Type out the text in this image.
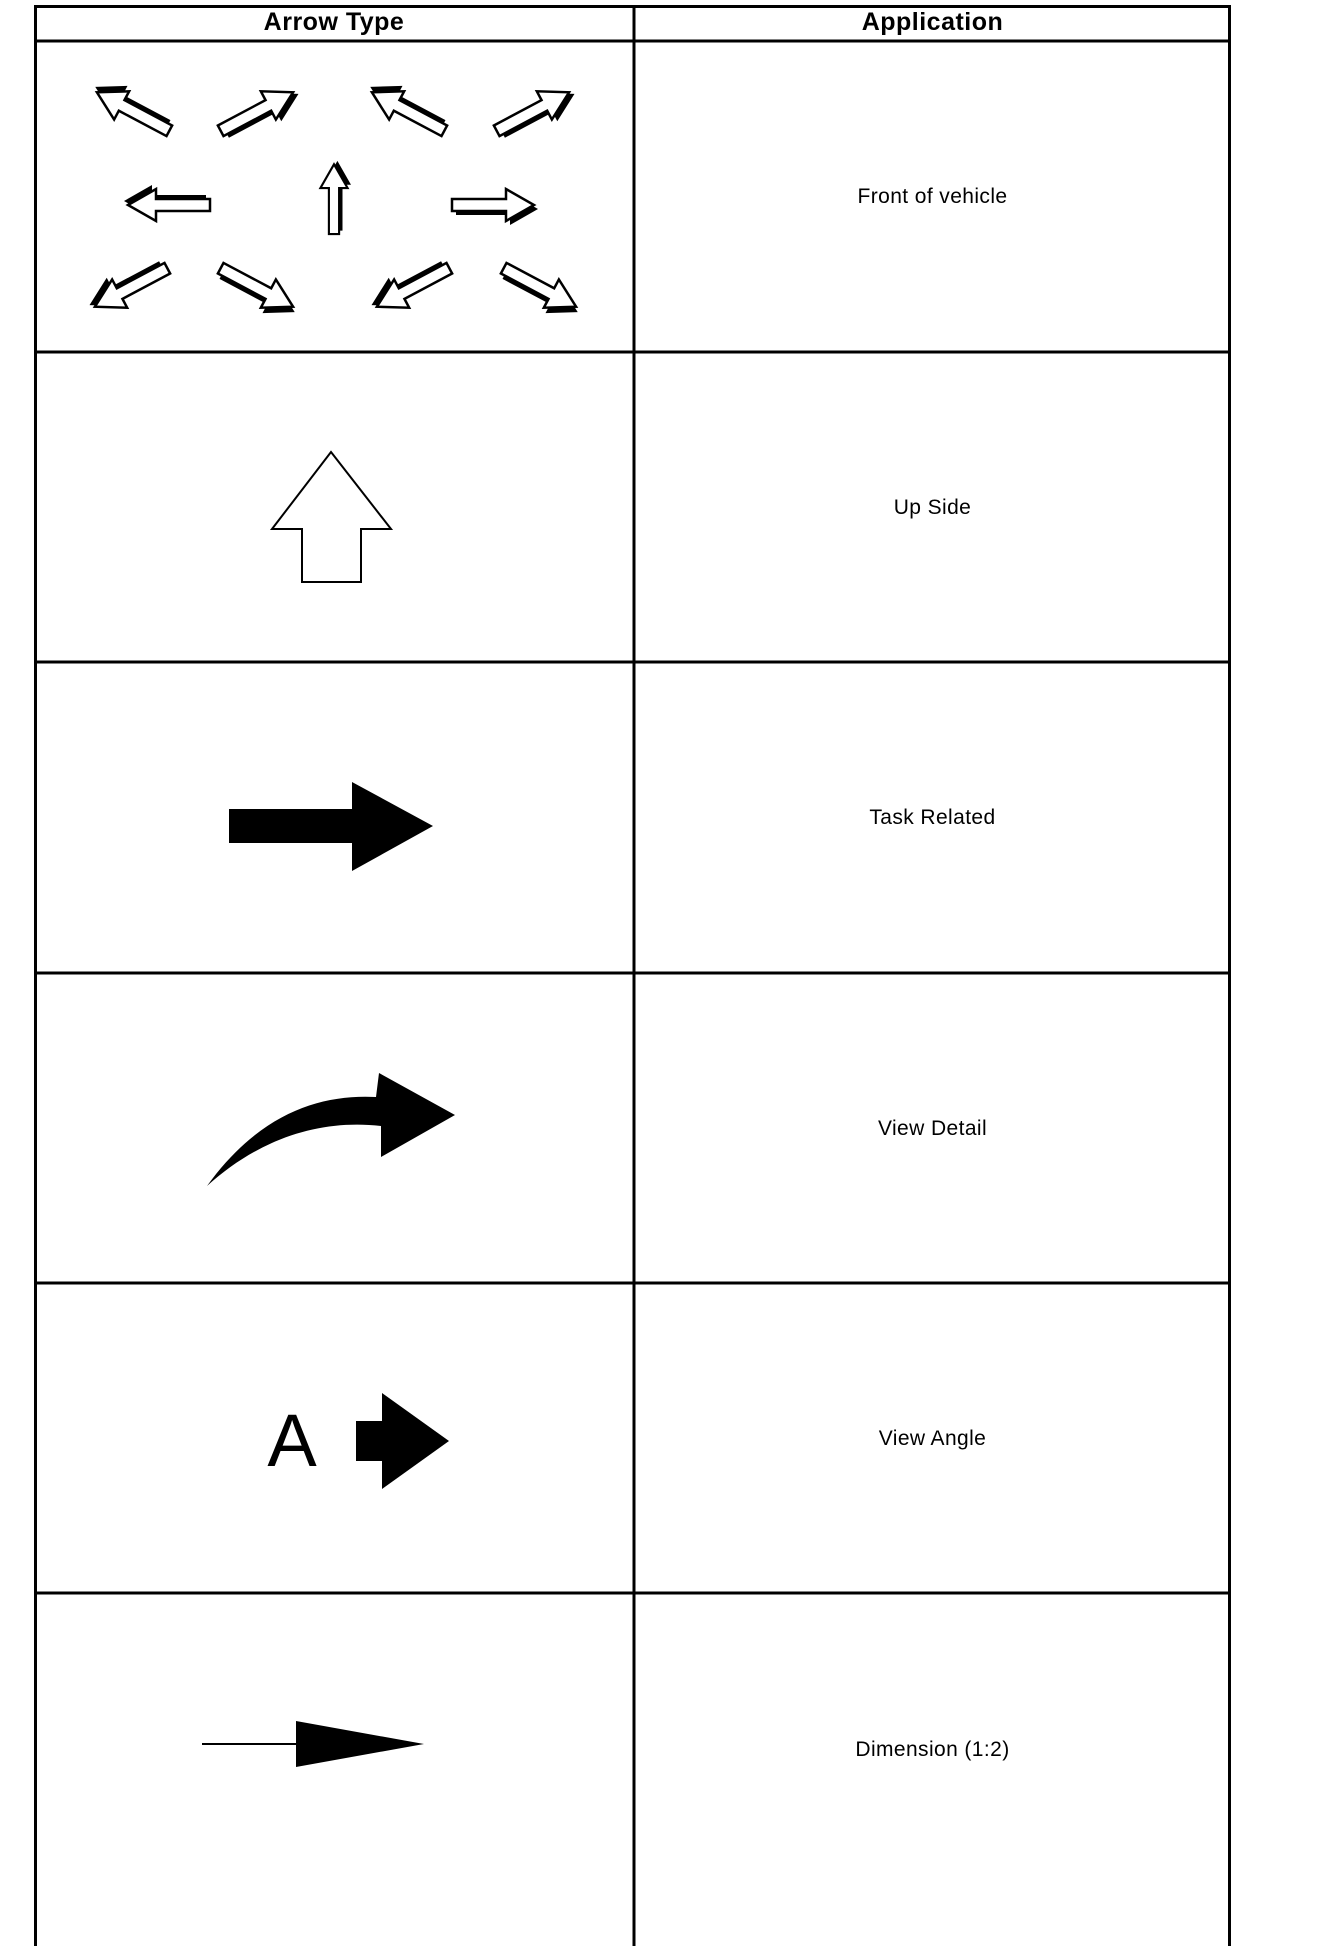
Arrow Type	Application
Front of vehicle
Up Side
Task Related
View Detail
A	View Angle
Dimension (1:2)
